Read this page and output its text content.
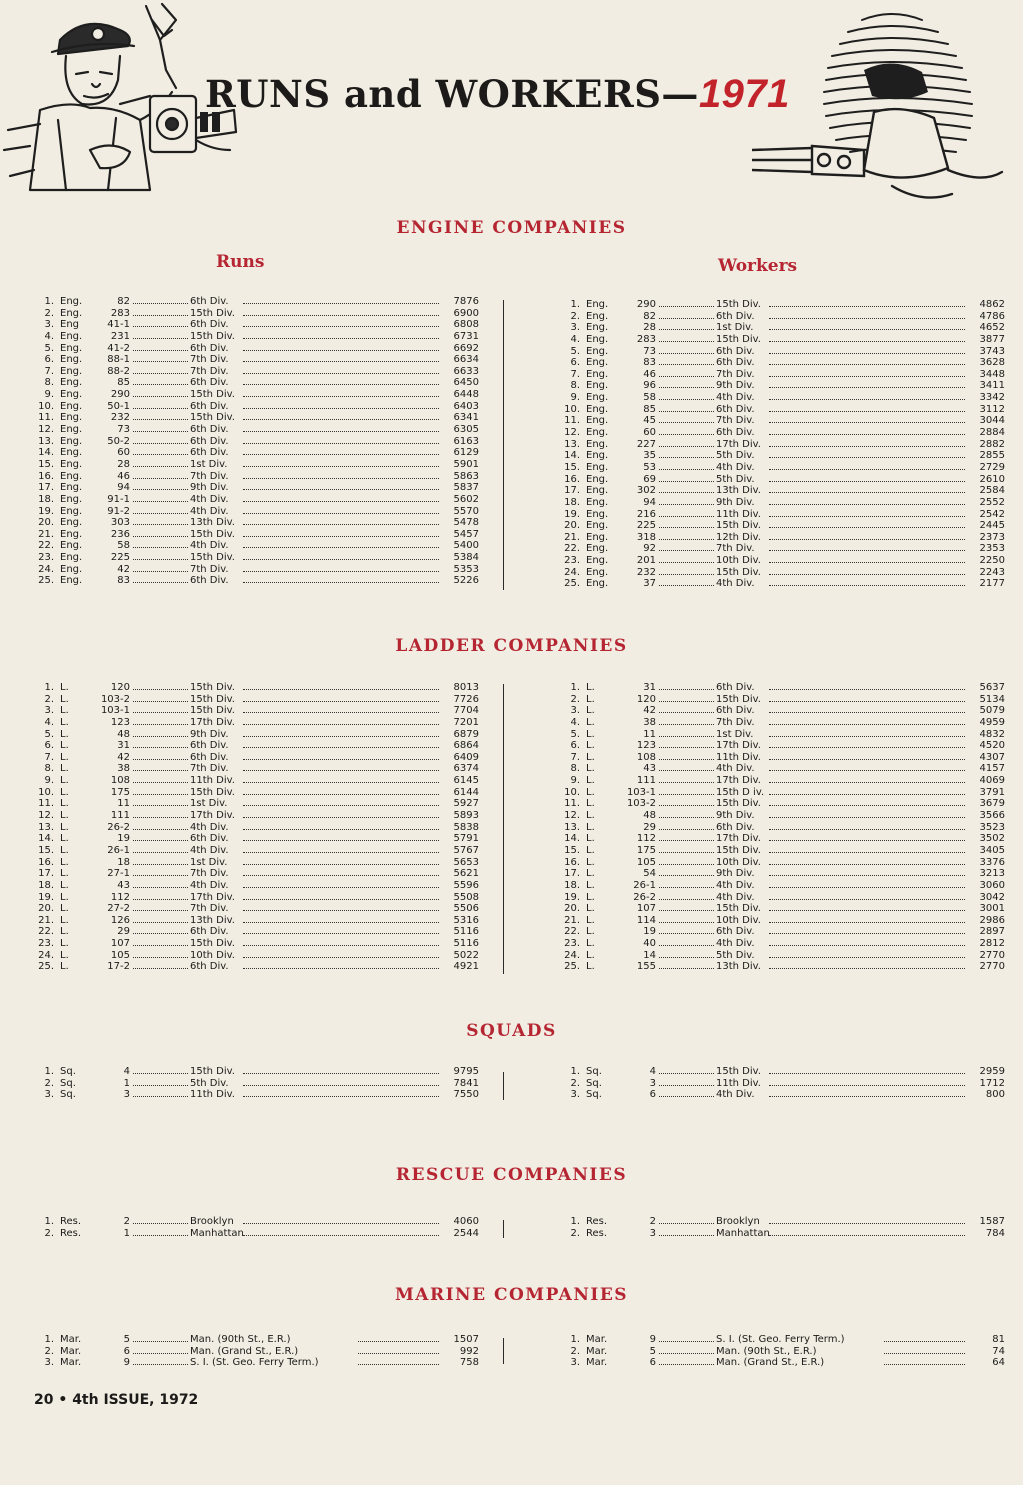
RUNS and WORKERS—1971
ENGINE COMPANIES
Runs	Workers
1. Eng.	82	6th Div.	7876
2. Eng.	283	15th Div.	6900
3. Eng	41-1	6th Div.	6808
4. Eng.	231	15th Div.	6731
5. Eng.	41-2	6th Div.	6692
6. Eng.	88-1	7th Div.	6634
7. Eng.	88-2	7th Div.	6633
8. Eng.	85	6th Div.	6450
9. Eng.	290	15th Div.	6448
10. Eng.	50-1	6th Div.	6403
11. Eng.	232	15th Div.	6341
12. Eng.	73	6th Div.	6305
13. Eng.	50-2	6th Div.	6163
14. Eng.	60	6th Div.	6129
15. Eng.	28	1st Div.	5901
16. Eng.	46	7th Div.	5863
17. Eng.	94	9th Div.	5837
18. Eng.	91-1	4th Div.	5602
19. Eng.	91-2	4th Div.	5570
20. Eng.	303	13th Div.	5478
21. Eng.	236	15th Div.	5457
22. Eng.	58	4th Div.	5400
23. Eng.	225	15th Div.	5384
24. Eng.	42	7th Div.	5353
25. Eng.	83	6th Div.	5226
1. Eng.	290	15th Div.	4862
2. Eng.	82	6th Div.	4786
3. Eng.	28	1st Div.	4652
4. Eng.	283	15th Div.	3877
5. Eng.	73	6th Div.	3743
6. Eng.	83	6th Div.	3628
7. Eng.	46	7th Div.	3448
8. Eng.	96	9th Div.	3411
9. Eng.	58	4th Div.	3342
10. Eng.	85	6th Div.	3112
11. Eng.	45	7th Div.	3044
12. Eng.	60	6th Div.	2884
13. Eng.	227	17th Div.	2882
14. Eng.	35	5th Div.	2855
15. Eng.	53	4th Div.	2729
16. Eng.	69	5th Div.	2610
17. Eng.	302	13th Div.	2584
18. Eng.	94	9th Div.	2552
19. Eng.	216	11th Div.	2542
20. Eng.	225	15th Div.	2445
21. Eng.	318	12th Div.	2373
22. Eng.	92	7th Div.	2353
23. Eng.	201	10th Div.	2250
24. Eng.	232	15th Div.	2243
25. Eng.	37	4th Div.	2177
LADDER COMPANIES
1. L.	120	15th Div.	8013
2. L.	103-2	15th Div.	7726
3. L.	103-1	15th Div.	7704
4. L.	123	17th Div.	7201
5. L.	48	9th Div.	6879
6. L.	31	6th Div.	6864
7. L.	42	6th Div.	6409
8. L.	38	7th Div.	6374
9. L.	108	11th Div.	6145
10. L.	175	15th Div.	6144
11. L.	11	1st Div.	5927
12. L.	111	17th Div.	5893
13. L.	26-2	4th Div.	5838
14. L.	19	6th Div.	5791
15. L.	26-1	4th Div.	5767
16. L.	18	1st Div.	5653
17. L.	27-1	7th Div.	5621
18. L.	43	4th Div.	5596
19. L.	112	17th Div.	5508
20. L.	27-2	7th Div.	5506
21. L.	126	13th Div.	5316
22. L.	29	6th Div.	5116
23. L.	107	15th Div.	5116
24. L.	105	10th Div.	5022
25. L.	17-2	6th Div.	4921
1. L.	31	6th Div.	5637
2. L.	120	15th Div.	5134
3. L.	42	6th Div.	5079
4. L.	38	7th Div.	4959
5. L.	11	1st Div.	4832
6. L.	123	17th Div.	4520
7. L.	108	11th Div.	4307
8. L.	43	4th Div.	4157
9. L.	111	17th Div.	4069
10. L.	103-1	15th D iv.	3791
11. L.	103-2	15th Div.	3679
12. L.	48	9th Div.	3566
13. L.	29	6th Div.	3523
14. L.	112	17th Div.	3502
15. L.	175	15th Div.	3405
16. L.	105	10th Div.	3376
17. L.	54	9th Div.	3213
18. L.	26-1	4th Div.	3060
19. L.	26-2	4th Div.	3042
20. L.	107	15th Div.	3001
21. L.	114	10th Div.	2986
22. L.	19	6th Div.	2897
23. L.	40	4th Div.	2812
24. L.	14	5th Div.	2770
25. L.	155	13th Div.	2770
SQUADS
1. Sq.	4	15th Div.	9795
2. Sq.	1	5th Div.	7841
3. Sq.	3	11th Div.	7550
1. Sq.	4	15th Div.	2959
2. Sq.	3	11th Div.	1712
3. Sq.	6	4th Div.	800
RESCUE COMPANIES
1. Res.	2	Brooklyn	4060
2. Res.	1	Manhattan	2544
1. Res.	2	Brooklyn	1587
2. Res.	3	Manhattan	784
MARINE COMPANIES
1. Mar.	5	Man. (90th St., E.R.)	1507
2. Mar.	6	Man. (Grand St., E.R.)	992
3. Mar.	9	S. I. (St. Geo. Ferry Term.)	758
1. Mar.	9	S. I. (St. Geo. Ferry Term.)	81
2. Mar.	5	Man. (90th St., E.R.)	74
3. Mar.	6	Man. (Grand St., E.R.)	64

20 • 4th ISSUE, 1972
